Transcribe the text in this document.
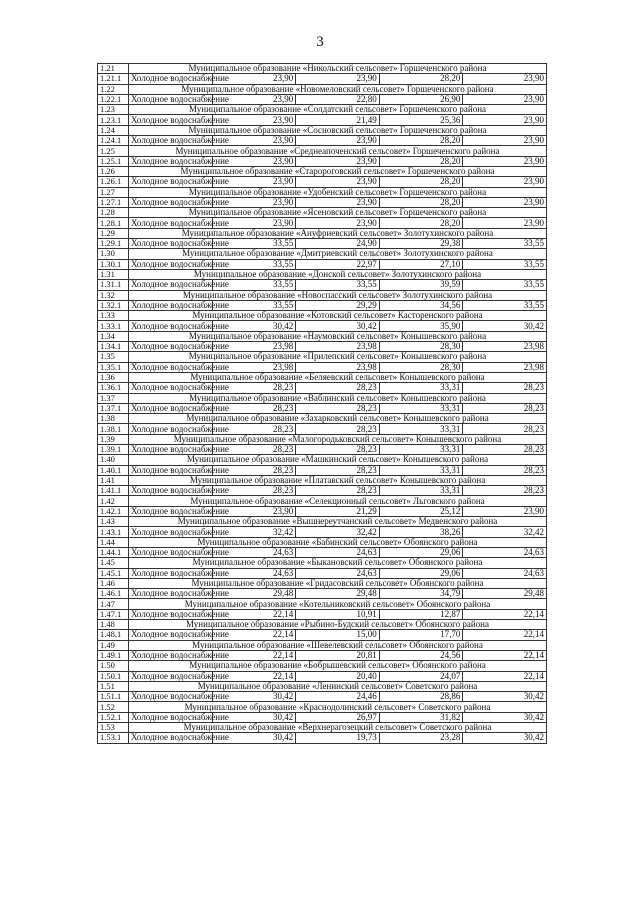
3
1.21	Муниципальное образование «Никольский сельсовет» Горшеченского района				
1.21.1	Холодное водоснабжение	23,90	23,90	28,20	23,90
1.22	Муниципальное образование «Новомеловский сельсовет» Горшеченского района				
1.22.1	Холодное водоснабжение	23,90	22,80	26,90	23,90
1.23	Муниципальное образование «Солдатский сельсовет» Горшеченского района				
1.23.1	Холодное водоснабжение	23,90	21,49	25,36	23,90
1.24	Муниципальное образование «Сосновский сельсовет» Горшеченского района				
1.24.1	Холодное водоснабжение	23,90	23,90	28,20	23,90
1.25	Муниципальное образование «Среднеапоченский сельсовет» Горшеченского района				
1.25.1	Холодное водоснабжение	23,90	23,90	28,20	23,90
1.26	Муниципальное образование «Старороговский сельсовет» Горшеченского района				
1.26.1	Холодное водоснабжение	23,90	23,90	28,20	23,90
1.27	Муниципальное образование «Удобенский сельсовет» Горшеченского района				
1.27.1	Холодное водоснабжение	23,90	23,90	28,20	23,90
1.28	Муниципальное образование «Ясеновский сельсовет» Горшеченского района				
1.28.1	Холодное водоснабжение	23,90	23,90	28,20	23,90
1.29	Муниципальное образование «Ануфриевский сельсовет» Золотухинского района				
1.29.1	Холодное водоснабжение	33,55	24,90	29,38	33,55
1.30	Муниципальное образование «Дмитриевский сельсовет» Золотухинского района				
1.30.1	Холодное водоснабжение	33,55	22,97	27,10	33,55
1.31	Муниципальное образование «Донской сельсовет» Золотухинского района				
1.31.1	Холодное водоснабжение	33,55	33,55	39,59	33,55
1.32	Муниципальное образование «Новоспасский сельсовет» Золотухинского района				
1.32.1	Холодное водоснабжение	33,55	29,29	34,56	33,55
1.33	Муниципальное образование «Котовский сельсовет» Касторенского района				
1.33.1	Холодное водоснабжение	30,42	30,42	35,90	30,42
1.34	Муниципальное образование «Наумовский сельсовет» Конышевского района				
1.34.1	Холодное водоснабжение	23,98	23,98	28,30	23,98
1.35	Муниципальное образование «Прилепский сельсовет» Конышевского района				
1.35.1	Холодное водоснабжение	23,98	23,98	28,30	23,98
1.36	Муниципальное образование «Беляевский сельсовет» Конышевского района				
1.36.1	Холодное водоснабжение	28,23	28,23	33,31	28,23
1.37	Муниципальное образование «Ваблинский сельсовет» Конышевского района				
1.37.1	Холодное водоснабжение	28,23	28,23	33,31	28,23
1.38	Муниципальное образование «Захарковский сельсовет» Конышевского района				
1.38.1	Холодное водоснабжение	28,23	28,23	33,31	28,23
1.39	Муниципальное образование «Малогородьковский сельсовет» Конышевского района				
1.39.1	Холодное водоснабжение	28,23	28,23	33,31	28,23
1.40	Муниципальное образование «Машкинский сельсовет» Конышевского района				
1.40.1	Холодное водоснабжение	28,23	28,23	33,31	28,23
1.41	Муниципальное образование «Платавский сельсовет» Конышевского района				
1.41.1	Холодное водоснабжение	28,23	28,23	33,31	28,23
1.42	Муниципальное образование «Селекционный сельсовет» Льговского района				
1.42.1	Холодное водоснабжение	23,90	21,29	25,12	23,90
1.43	Муниципальное образование «Вышнереутчанский сельсовет» Медвенского района				
1.43.1	Холодное водоснабжение	32,42	32,42	38,26	32,42
1.44	Муниципальное образование «Бабинский сельсовет» Обоянского района				
1.44.1	Холодное водоснабжение	24,63	24,63	29,06	24,63
1.45	Муниципальное образование «Быкановский сельсовет» Обоянского района				
1.45.1	Холодное водоснабжение	24,63	24,63	29,06	24,63
1.46	Муниципальное образование «Гридасовский сельсовет» Обоянского района				
1.46.1	Холодное водоснабжение	29,48	29,48	34,79	29,48
1.47	Муниципальное образование «Котельниковский сельсовет» Обоянского района				
1.47.1	Холодное водоснабжение	22,14	10,91	12,87	22,14
1.48	Муниципальное образование «Рыбино-Будский сельсовет» Обоянского района				
1.48.1	Холодное водоснабжение	22,14	15,00	17,70	22,14
1.49	Муниципальное образование «Шевелевский сельсовет» Обоянского района				
1.49.1	Холодное водоснабжение	22,14	20,81	24,56	22,14
1.50	Муниципальное образование «Бобрышевский сельсовет» Обоянского района				
1.50.1	Холодное водоснабжение	22,14	20,40	24,07	22,14
1.51	Муниципальное образование «Ленинский сельсовет» Советского района				
1.51.1	Холодное водоснабжение	30,42	24,46	28,86	30,42
1.52	Муниципальное образование «Краснодолинский сельсовет» Советского района				
1.52.1	Холодное водоснабжение	30,42	26,97	31,82	30,42
1.53	Муниципальное образование «Верхнерагозецкий сельсовет» Советского района				
1.53.1	Холодное водоснабжение	30,42	19,73	23,28	30,42
